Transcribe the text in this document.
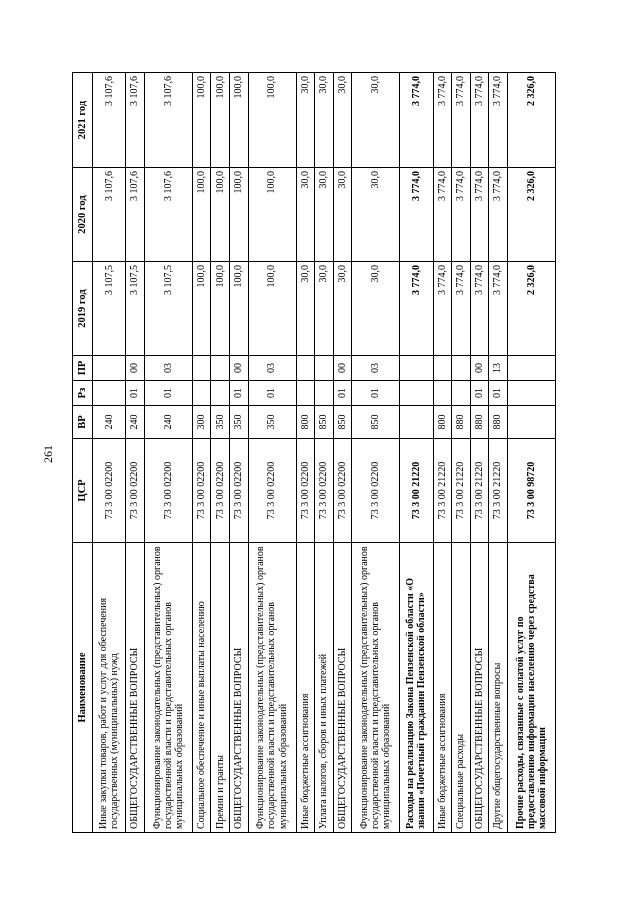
261
Наименование	ЦСР	ВР	Рз	ПР	2019 год	2020 год	2021 год
Иные закупки товаров, работ и услуг для обеспечения государственных (муниципальных) нужд	73 3 00 02200	240			3 107,5	3 107,6	3 107,6
ОБЩЕГОСУДАРСТВЕННЫЕ ВОПРОСЫ	73 3 00 02200	240	01	00	3 107,5	3 107,6	3 107,6
Функционирование законодательных (представительных) органов государственной власти и представительных органов муниципальных образований	73 3 00 02200	240	01	03	3 107,5	3 107,6	3 107,6
Социальное обеспечение и иные выплаты населению	73 3 00 02200	300			100,0	100,0	100,0
Премии и гранты	73 3 00 02200	350			100,0	100,0	100,0
ОБЩЕГОСУДАРСТВЕННЫЕ ВОПРОСЫ	73 3 00 02200	350	01	00	100,0	100,0	100,0
Функционирование законодательных (представительных) органов государственной власти и представительных органов муниципальных образований	73 3 00 02200	350	01	03	100,0	100,0	100,0
Иные бюджетные ассигнования	73 3 00 02200	800			30,0	30,0	30,0
Уплата налогов, сборов и иных платежей	73 3 00 02200	850			30,0	30,0	30,0
ОБЩЕГОСУДАРСТВЕННЫЕ ВОПРОСЫ	73 3 00 02200	850	01	00	30,0	30,0	30,0
Функционирование законодательных (представительных) органов государственной власти и представительных органов муниципальных образований	73 3 00 02200	850	01	03	30,0	30,0	30,0
Расходы на реализацию Закона Пензенской области «О звании «Почетный гражданин Пензенской области»	73 3 00 21220				3 774,0	3 774,0	3 774,0
Иные бюджетные ассигнования	73 3 00 21220	800			3 774,0	3 774,0	3 774,0
Специальные расходы	73 3 00 21220	880			3 774,0	3 774,0	3 774,0
ОБЩЕГОСУДАРСТВЕННЫЕ ВОПРОСЫ	73 3 00 21220	880	01	00	3 774,0	3 774,0	3 774,0
Другие общегосударственные вопросы	73 3 00 21220	880	01	13	3 774,0	3 774,0	3 774,0
Прочие расходы, связанные с оплатой услуг по предоставлению информации населению через средства массовой информации	73 3 00 98720				2 326,0	2 326,0	2 326,0
